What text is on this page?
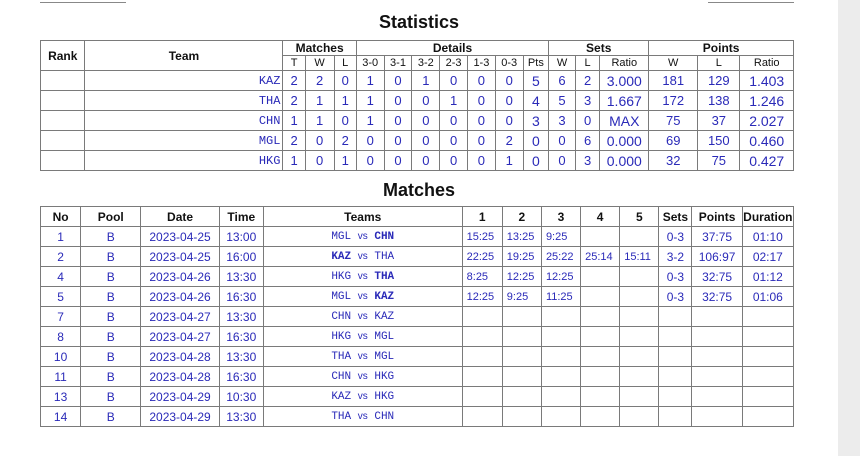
Statistics
Rank	Team	Matches			Details							Sets			Points		
		T	W	L	3-0	3-1	3-2	2-3	1-3	0-3	Pts	W	L	Ratio	W	L	Ratio
	KAZ	2	2	0	1	0	1	0	0	0	5	6	2	3.000	181	129	1.403
	THA	2	1	1	1	0	0	1	0	0	4	5	3	1.667	172	138	1.246
	CHN	1	1	0	1	0	0	0	0	0	3	3	0	MAX	75	37	2.027
	MGL	2	0	2	0	0	0	0	0	2	0	0	6	0.000	69	150	0.460
	HKG	1	0	1	0	0	0	0	0	1	0	0	3	0.000	32	75	0.427
Matches
No	Pool	Date	Time	Teams	1	2	3	4	5	Sets	Points	Duration
1	B	2023-04-25	13:00	MGL vs CHN	15:25	13:25	9:25			0-3	37:75	01:10
2	B	2023-04-25	16:00	KAZ vs THA	22:25	19:25	25:22	25:14	15:11	3-2	106:97	02:17
4	B	2023-04-26	13:30	HKG vs THA	8:25	12:25	12:25			0-3	32:75	01:12
5	B	2023-04-26	16:30	MGL vs KAZ	12:25	9:25	11:25			0-3	32:75	01:06
7	B	2023-04-27	13:30	CHN vs KAZ								
8	B	2023-04-27	16:30	HKG vs MGL								
10	B	2023-04-28	13:30	THA vs MGL								
11	B	2023-04-28	16:30	CHN vs HKG								
13	B	2023-04-29	10:30	KAZ vs HKG								
14	B	2023-04-29	13:30	THA vs CHN								
